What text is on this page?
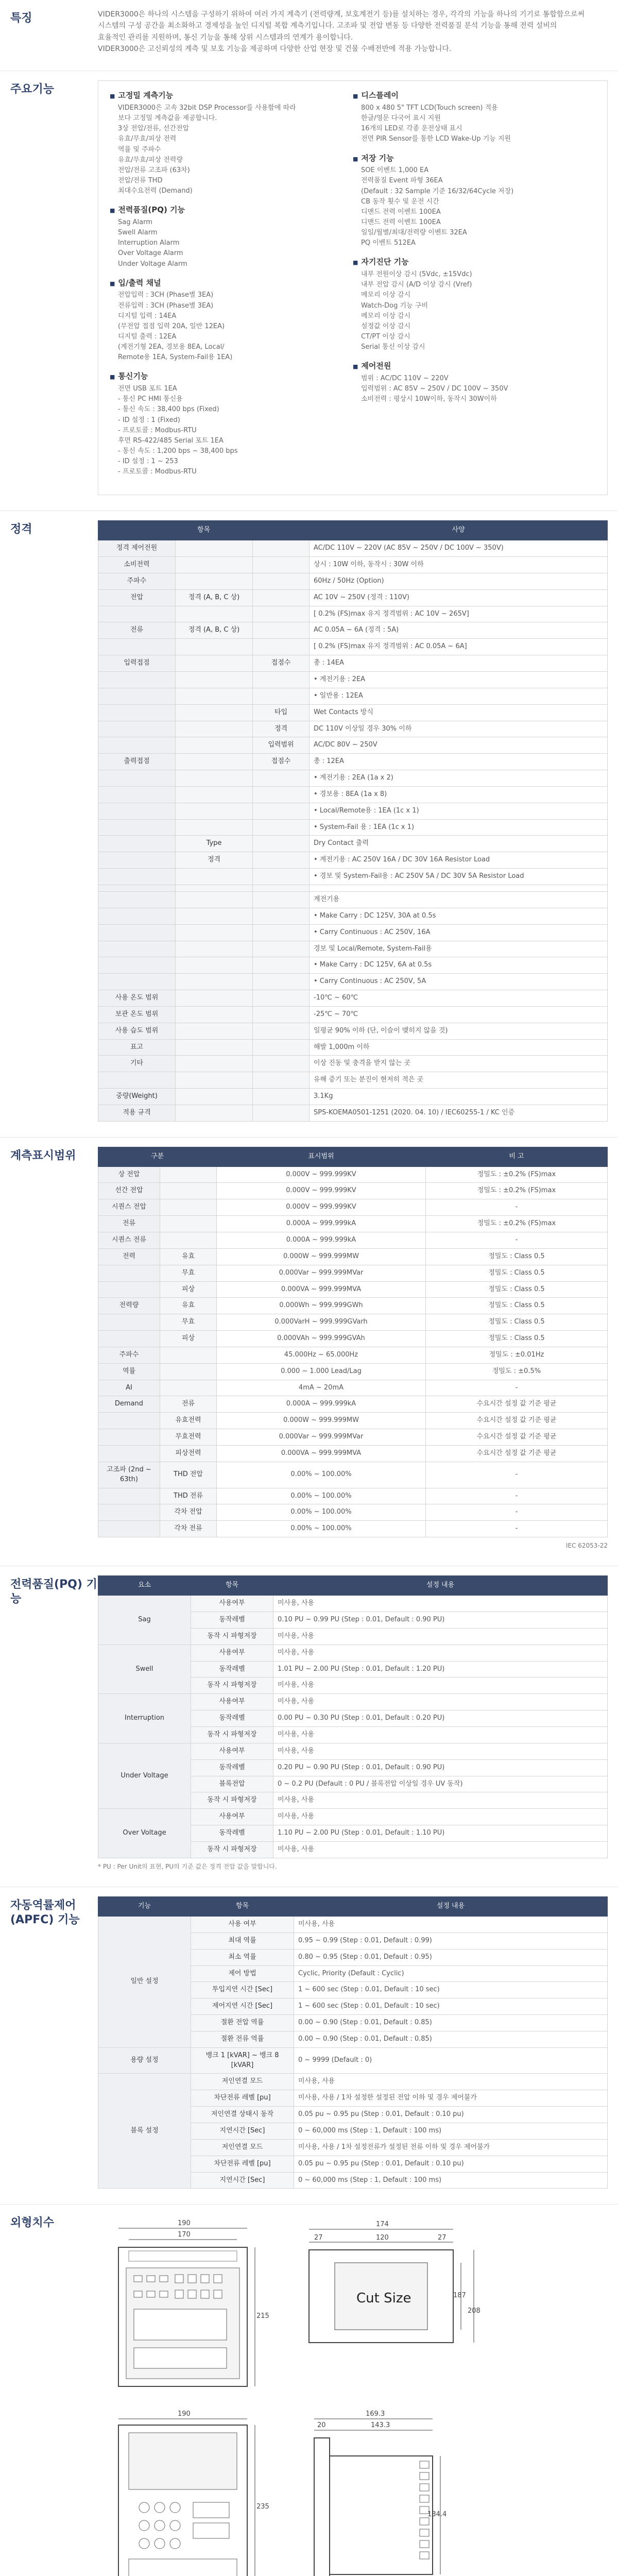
특징	VIDER3000은 하나의 시스템을 구성하기 위하여 여러 가지 계측기 (전력량계, 보호계전기 등)를 설치하는 경우, 각각의 기능을 하나의 기기로 통합함으로써

시스템의 구성 공간을 최소화하고 경제성을 높인 디지털 복합 계측기입니다. 고조파 및 전압 변동 등 다양한 전력품질 분석 기능을 통해 전력 설비의

효율적인 관리를 지원하며, 통신 기능을 통해 상위 시스템과의 연계가 용이합니다.

VIDER3000은 고신뢰성의 계측 및 보호 기능을 제공하며 다양한 산업 현장 및 건물 수배전반에 적용 가능합니다.

주요기능	■ 고정밀 계측기능
VIDER3000은 고속 32bit DSP Processor를 사용함에 따라
보다 고정밀 계측값을 제공합니다.
3상 전압/전류, 선간전압
유효/무효/피상 전력
역률 및 주파수
유효/무효/피상 전력량
전압/전류 고조파 (63차)
전압/전류 THD
최대수요전력 (Demand)
■ 전력품질(PQ) 기능
Sag Alarm
Swell Alarm
Interruption Alarm
Over Voltage Alarm
Under Voltage Alarm
■ 입/출력 채널
전압입력 : 3CH (Phase별 3EA)
전류입력 : 3CH (Phase별 3EA)
디지털 입력 : 14EA
(무전압 접점 입력 20A, 일반 12EA)
디지털 출력 : 12EA
(계전기형 2EA, 경보용 8EA, Local/
Remote용 1EA, System-Fail용 1EA)
■ 통신기능
전면 USB 포트 1EA
- 통신 PC HMI 통신용
- 통신 속도 : 38,400 bps (Fixed)
- ID 설정 : 1 (Fixed)
- 프로토콜 : Modbus-RTU
후면 RS-422/485 Serial 포트 1EA
- 통신 속도 : 1,200 bps ~ 38,400 bps
- ID 설정 : 1 ~ 253
- 프로토콜 : Modbus-RTU
■ 디스플레이
800 x 480 5" TFT LCD(Touch screen) 적용
한글/영문 다국어 표시 지원
16개의 LED로 각종 운전상태 표시
전면 PIR Sensor를 통한 LCD Wake-Up 기능 지원
■ 저장 기능
SOE 이벤트 1,000 EA
전력품질 Event 파형 36EA
(Default : 32 Sample 기준 16/32/64Cycle 저장)
CB 동작 횟수 및 운전 시간
디맨드 전력 이벤트 100EA
디맨드 전력 이벤트 100EA
일일/월별/최대/전력량 이벤트 32EA
PQ 이벤트 512EA
■ 자기진단 기능
내부 전원이상 감시 (5Vdc, ±15Vdc)
내부 전압 감시 (A/D 이상 감시 (Vref)
메모리 이상 감시
Watch-Dog 기능 구비
메모리 이상 감시
설정값 이상 감시
CT/PT 이상 감시
Serial 통신 이상 감시
■ 제어전원
범위 : AC/DC 110V ~ 220V
입력범위 : AC 85V ~ 250V / DC 100V ~ 350V
소비전력 : 평상시 10W이하, 동작시 30W이하
정격	항목			사양
정격 제어전원			AC/DC 110V ~ 220V (AC 85V ~ 250V / DC 100V ~ 350V)
소비전력			상시 : 10W 이하, 동작시 : 30W 이하
주파수			60Hz / 50Hz (Option)
전압	정격 (A, B, C 상)		AC 10V ~ 250V (정격 : 110V)
			[ 0.2% (FS)max 유지 정격범위 : AC 10V ~ 265V]
전류	정격 (A, B, C 상)		AC 0.05A ~ 6A (정격 : 5A)
			[ 0.2% (FS)max 유지 정격범위 : AC 0.05A ~ 6A]
입력접점		접점수	총 : 14EA
			• 계전기용 : 2EA
			• 일반용 : 12EA
		타입	Wet Contacts 방식
		정격	DC 110V 이상일 경우 30% 이하
		입력범위	AC/DC 80V ~ 250V
출력접점		접점수	총 : 12EA
			• 계전기용 : 2EA (1a x 2)
			• 경보용 : 8EA (1a x 8)
			• Local/Remote용 : 1EA (1c x 1)
			• System-Fail 용 : 1EA (1c x 1)
	Type		Dry Contact 출력
	정격		• 계전기용 : AC 250V 16A / DC 30V 16A Resistor Load
			• 경보 및 System-Fail용 : AC 250V 5A / DC 30V 5A Resistor Load

			계전기용
			• Make Carry : DC 125V, 30A at 0.5s
			• Carry Continuous : AC 250V, 16A
			경보 및 Local/Remote, System-Fail용
			• Make Carry : DC 125V, 6A at 0.5s
			• Carry Continuous : AC 250V, 5A
사용 온도 범위			-10℃ ~ 60℃
보관 온도 범위			-25℃ ~ 70℃
사용 습도 범위			일평균 90% 이하 (단, 이슬이 맺히지 않을 것)
표고			해발 1,000m 이하
기타			이상 진동 및 충격을 받지 않는 곳
			유해 증기 또는 분진이 현저히 적은 곳
중량(Weight)			3.1Kg
적용 규격			SPS-KOEMA0501-1251 (2020. 04. 10) / IEC60255-1 / KC 인증
계측표시범위	구분		표시범위	비 고
상 전압		0.000V ~ 999.999KV	정밀도 : ±0.2% (FS)max
선간 전압		0.000V ~ 999.999KV	정밀도 : ±0.2% (FS)max
시퀀스 전압		0.000V ~ 999.999KV	-
전류		0.000A ~ 999.999kA	정밀도 : ±0.2% (FS)max
시퀀스 전류		0.000A ~ 999.999kA	-
전력	유효	0.000W ~ 999.999MW	정밀도 : Class 0.5
	무효	0.000Var ~ 999.999MVar	정밀도 : Class 0.5
	피상	0.000VA ~ 999.999MVA	정밀도 : Class 0.5
전력량	유효	0.000Wh ~ 999.999GWh	정밀도 : Class 0.5
	무효	0.000VarH ~ 999.999GVarh	정밀도 : Class 0.5
	피상	0.000VAh ~ 999.999GVAh	정밀도 : Class 0.5
주파수		45.000Hz ~ 65.000Hz	정밀도 : ±0.01Hz
역률		0.000 ~ 1.000 Lead/Lag	정밀도 : ±0.5%
AI		4mA ~ 20mA	-
Demand	전류	0.000A ~ 999.999kA	수요시간 설정 값 기준 평균
	유효전력	0.000W ~ 999.999MW	수요시간 설정 값 기준 평균
	무효전력	0.000Var ~ 999.999MVar	수요시간 설정 값 기준 평균
	피상전력	0.000VA ~ 999.999MVA	수요시간 설정 값 기준 평균
고조파 (2nd ~ 63th)	THD 전압	0.00% ~ 100.00%	-
	THD 전류	0.00% ~ 100.00%	-
	각차 전압	0.00% ~ 100.00%	-
	각차 전류	0.00% ~ 100.00%	-
IEC 62053-22
전력품질(PQ) 기능
요소	항목	설정 내용
Sag	사용여부	미사용, 사용
	동작레벨	0.10 PU ~ 0.99 PU (Step : 0.01, Default : 0.90 PU)
	동작 시 파형저장	미사용, 사용
Swell	사용여부	미사용, 사용
	동작레벨	1.01 PU ~ 2.00 PU (Step : 0.01, Default : 1.20 PU)
	동작 시 파형저장	미사용, 사용
Interruption	사용여부	미사용, 사용
	동작레벨	0.00 PU ~ 0.30 PU (Step : 0.01, Default : 0.20 PU)
	동작 시 파형저장	미사용, 사용
Under Voltage	사용여부	미사용, 사용
	동작레벨	0.20 PU ~ 0.90 PU (Step : 0.01, Default : 0.90 PU)
	블록전압	0 ~ 0.2 PU (Default : 0 PU / 블록전압 이상일 경우 UV 동작)
	동작 시 파형저장	미사용, 사용
Over Voltage	사용여부	미사용, 사용
	동작레벨	1.10 PU ~ 2.00 PU (Step : 0.01, Default : 1.10 PU)
	동작 시 파형저장	미사용, 사용
* PU : Per Unit의 표현, PU의 기준 값은 정격 전압 값을 말합니다.
자동역률제어 (APFC) 기능
기능	항목	설정 내용
일반 설정	사용 여부	미사용, 사용
	최대 역률	0.95 ~ 0.99 (Step : 0.01, Default : 0.99)
	최소 역률	0.80 ~ 0.95 (Step : 0.01, Default : 0.95)
	제어 방법	Cyclic, Priority (Default : Cyclic)
	투입지연 시간 [Sec]	1 ~ 600 sec (Step : 0.01, Default : 10 sec)
	제어지연 시간 [Sec]	1 ~ 600 sec (Step : 0.01, Default : 10 sec)
	절환 전압 역률	0.00 ~ 0.90 (Step : 0.01, Default : 0.85)
	절환 전류 역률	0.00 ~ 0.90 (Step : 0.01, Default : 0.85)
용량 설정	뱅크 1 [kVAR] ~ 뱅크 8 [kVAR]	0 ~ 9999 (Default : 0)
블록 설정	저인연결 모드	미사용, 사용
	차단전류 레벨 [pu]	미사용, 사용 / 1차 설정한 설정된 전압 이하 및 경우 제어불가
	저인연결 상태시 동작	0.05 pu ~ 0.95 pu (Step : 0.01, Default : 0.10 pu)
	지연시간 [Sec]	0 ~ 60,000 ms (Step : 1, Default : 100 ms)
	저인연결 모드	미사용, 사용 / 1차 설정전류가 설정된 전류 이하 및 경우 제어불가
	차단전류 레벨 [pu]	0.05 pu ~ 0.95 pu (Step : 0.01, Default : 0.10 pu)
	지연시간 [Sec]	0 ~ 60,000 ms (Step : 1, Default : 100 ms)
외형치수	190
170
215
174
27	120	27
Cut Size	187
208
190
235
169.3
20	143.3
184.4
